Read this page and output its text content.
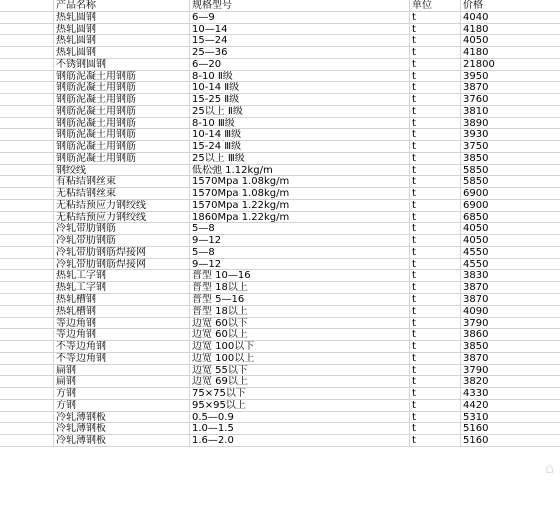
产品名称	规格型号	单位	价格
热轧圆钢	6—9	t	4040
热轧圆钢	10—14	t	4180
热轧圆钢	15—24	t	4050
热轧圆钢	25—36	t	4180
不锈钢圆钢	6—20	t	21800
钢筋泥凝土用钢筋	8-10 Ⅱ级	t	3950
钢筋泥凝土用钢筋	10-14 Ⅱ级	t	3870
钢筋泥凝土用钢筋	15-25 Ⅱ级	t	3760
钢筋泥凝土用钢筋	25以上 Ⅱ级	t	3810
钢筋泥凝土用钢筋	8-10 Ⅲ级	t	3890
钢筋泥凝土用钢筋	10-14 Ⅲ级	t	3930
钢筋泥凝土用钢筋	15-24 Ⅲ级	t	3750
钢筋泥凝土用钢筋	25以上 Ⅲ级	t	3850
钢绞线	低松弛 1.12kg/m	t	5850
有粘结钢丝束	1570Mpa 1.08kg/m	t	5850
无粘结钢丝束	1570Mpa 1.08kg/m	t	6900
无粘结预应力钢绞线	1570Mpa 1.22kg/m	t	6900
无粘结预应力钢绞线	1860Mpa 1.22kg/m	t	6850
冷轧带肋钢筋	5—8	t	4050
冷轧带肋钢筋	9—12	t	4050
冷轧带肋钢筋焊接网	5—8	t	4550
冷轧带肋钢筋焊接网	9—12	t	4550
热轧工字钢	普型 10—16	t	3830
热轧工字钢	普型 18以上	t	3870
热轧槽钢	普型 5—16	t	3870
热轧槽钢	普型 18以上	t	4090
等边角钢	边宽 60以下	t	3790
等边角钢	边宽 60以上	t	3860
不等边角钢	边宽 100以下	t	3850
不等边角钢	边宽 100以上	t	3870
扁钢	边宽 55以下	t	3790
扁钢	边宽 69以上	t	3820
方钢	75×75以下	t	4330
方钢	95×95以上	t	4420
冷轧薄钢板	0.5—0.9	t	5310
冷轧薄钢板	1.0—1.5	t	5160
冷轧薄钢板	1.6—2.0	t	5160
⌂
